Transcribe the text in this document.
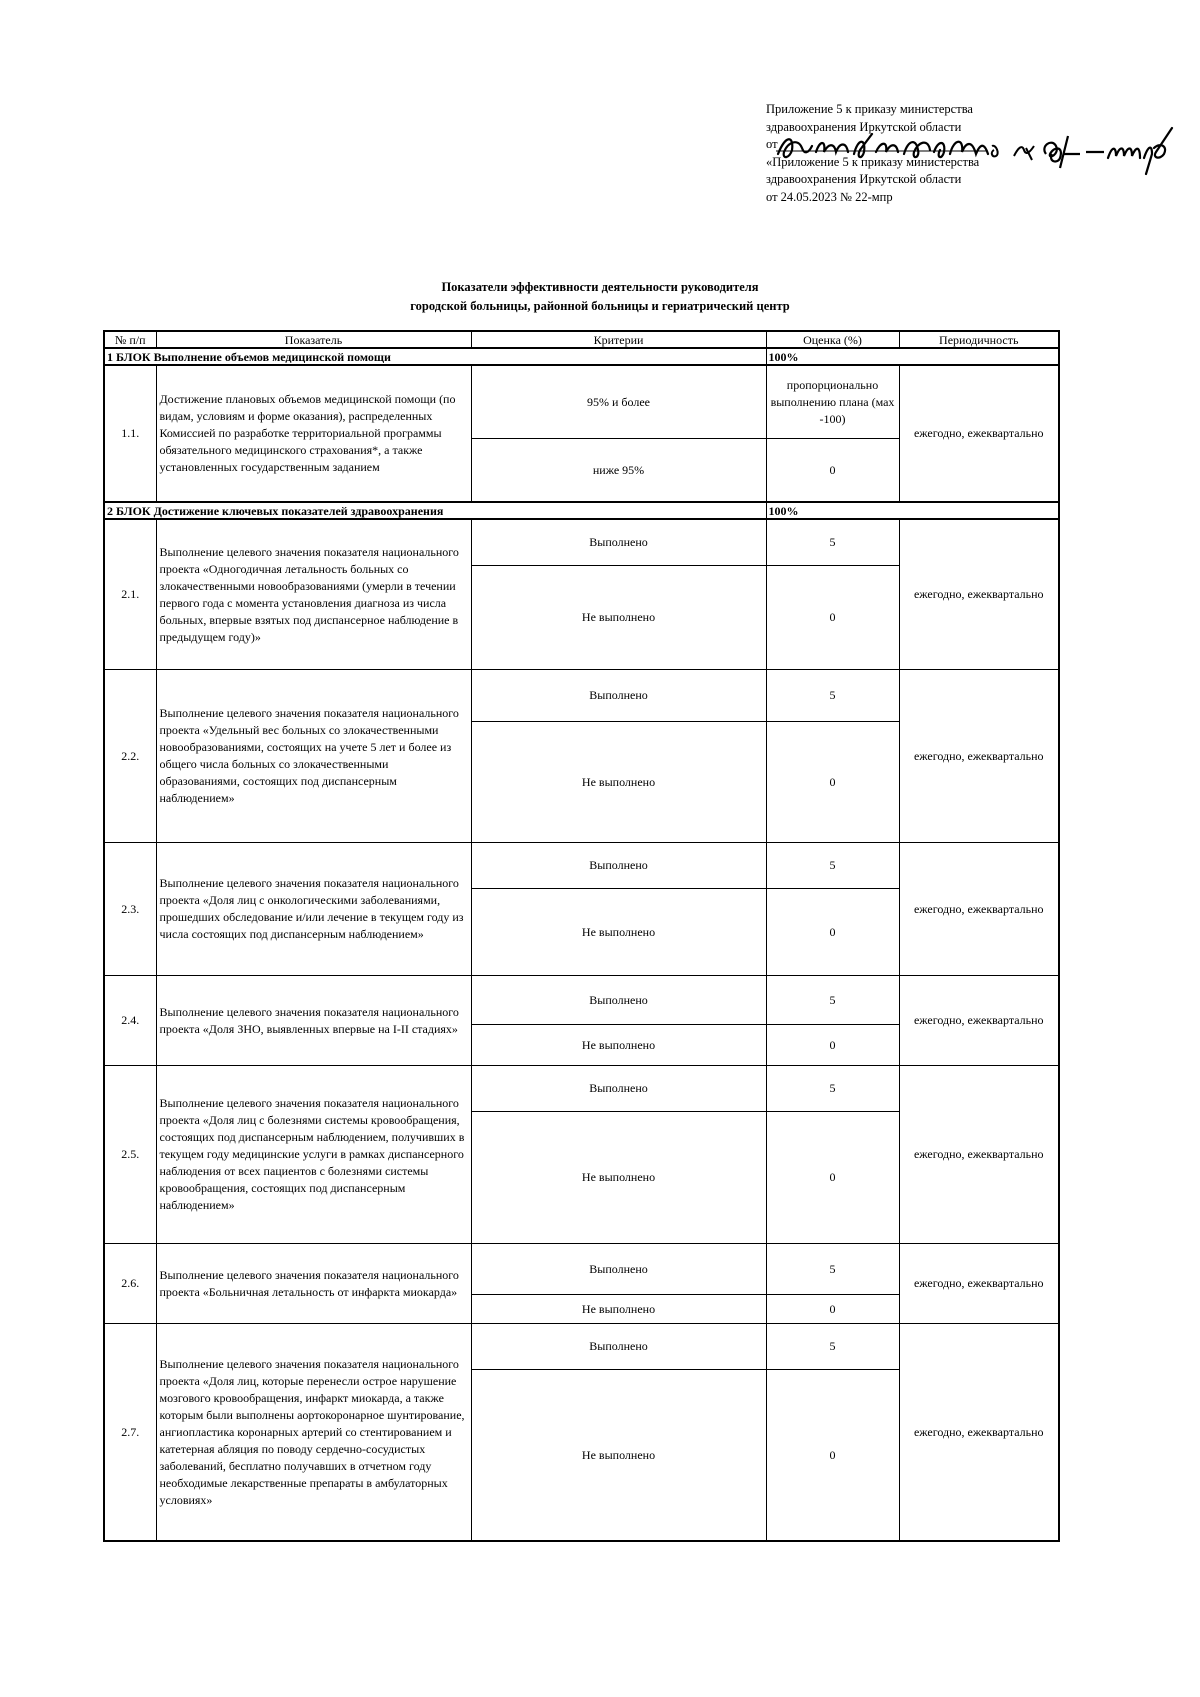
Приложение 5 к приказу министерства
здравоохранения Иркутской области
от
«Приложение 5 к приказу министерства
здравоохранения Иркутской области
от 24.05.2023 № 22-мпр
Показатели эффективности деятельности руководителя
городской больницы, районной больницы и гериатрический центр
№ п/п	Показатель	Критерии	Оценка (%)	Периодичность
1 БЛОК Выполнение объемов медицинской помощи			100%	
1.1.	Достижение плановых объемов медицинской помощи (по видам, условиям и форме оказания), распределенных Комиссией по разработке территориальной программы обязательного медицинского страхования*, а также установленных государственным заданием	95% и более	пропорционально выполнению плана (мах -100)	ежегодно, ежеквартально
		ниже 95%	0	
2 БЛОК Достижение ключевых показателей здравоохранения			100%	
2.1.	Выполнение целевого значения показателя национального проекта «Одногодичная летальность больных со злокачественными новообразованиями (умерли в течении первого года с момента установления диагноза из числа больных, впервые взятых под диспансерное наблюдение в предыдущем году)»	Выполнено	5	ежегодно, ежеквартально
		Не выполнено	0	
2.2.	Выполнение целевого значения показателя национального проекта «Удельный вес больных со злокачественными новообразованиями, состоящих на учете 5 лет и более из общего числа больных со злокачественными образованиями, состоящих под диспансерным наблюдением»	Выполнено	5	ежегодно, ежеквартально
		Не выполнено	0	
2.3.	Выполнение целевого значения показателя национального проекта «Доля лиц с онкологическими заболеваниями, прошедших обследование и/или лечение в текущем году из числа состоящих под диспансерным наблюдением»	Выполнено	5	ежегодно, ежеквартально
		Не выполнено	0	
2.4.	Выполнение целевого значения показателя национального проекта «Доля ЗНО, выявленных впервые на I-II стадиях»	Выполнено	5	ежегодно, ежеквартально
		Не выполнено	0	
2.5.	Выполнение целевого значения показателя национального проекта «Доля лиц с болезнями системы кровообращения, состоящих под диспансерным наблюдением, получивших в текущем году медицинские услуги в рамках диспансерного наблюдения от всех пациентов с болезнями системы кровообращения, состоящих под диспансерным наблюдением»	Выполнено	5	ежегодно, ежеквартально
		Не выполнено	0	
2.6.	Выполнение целевого значения показателя национального проекта «Больничная летальность от инфаркта миокарда»	Выполнено	5	ежегодно, ежеквартально
		Не выполнено	0	
2.7.	Выполнение целевого значения показателя национального проекта «Доля лиц, которые перенесли острое нарушение мозгового кровообращения, инфаркт миокарда, а также которым были выполнены аортокоронарное шунтирование, ангиопластика коронарных артерий со стентированием и катетерная абляция по поводу сердечно-сосудистых заболеваний, бесплатно получавших в отчетном году необходимые лекарственные препараты в амбулаторных условиях»	Выполнено	5	ежегодно, ежеквартально
		Не выполнено	0	
